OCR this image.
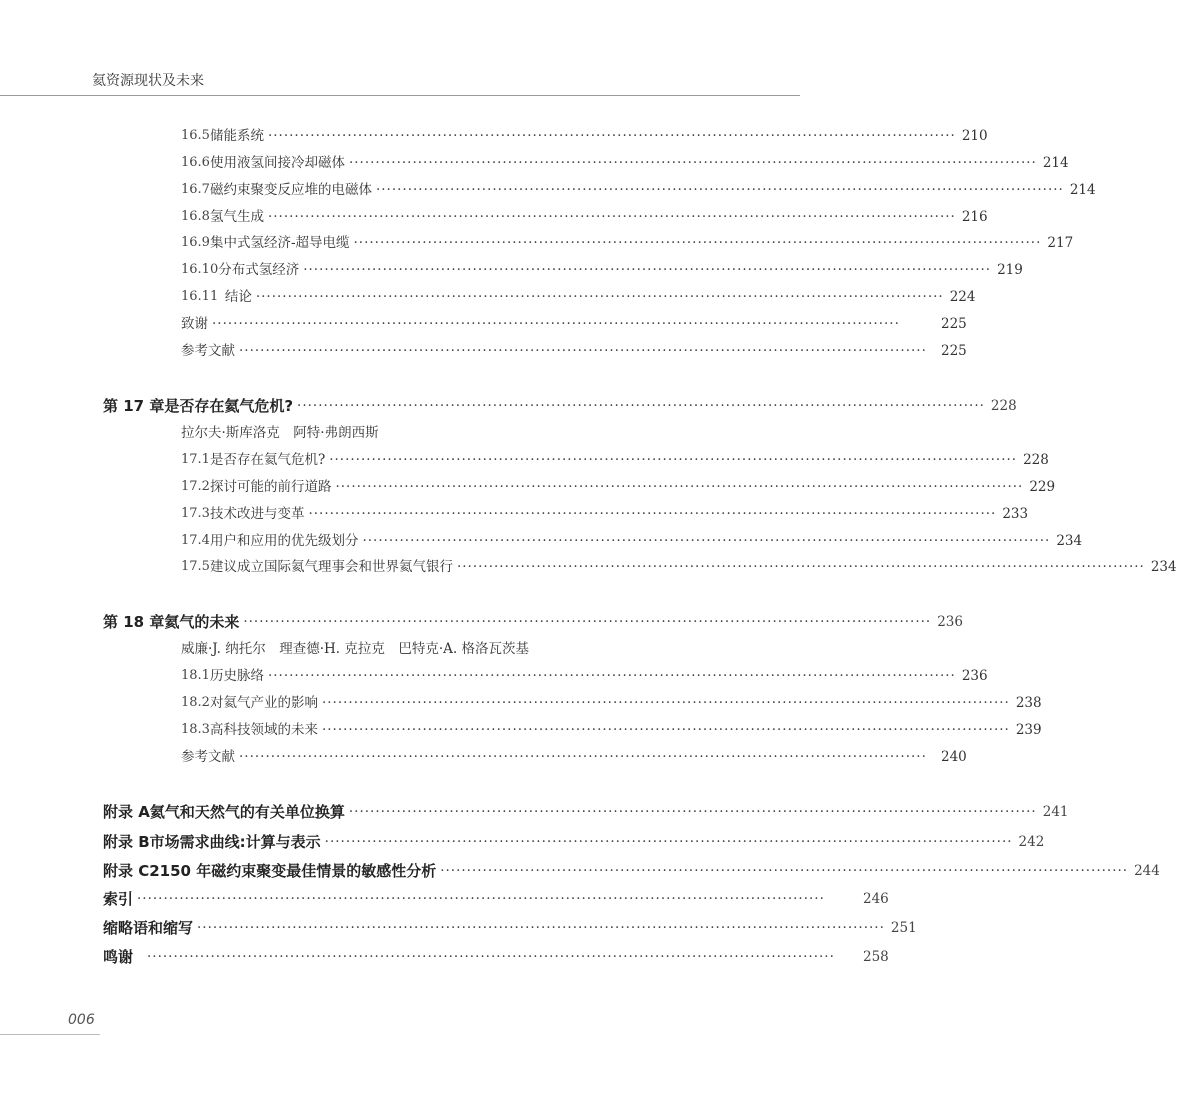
氦资源现状及未来
16.5 储能系统 ·································································································································· 210
16.6 使用液氢间接冷却磁体 ·································································································································· 214
16.7 磁约束聚变反应堆的电磁体 ·································································································································· 214
16.8 氢气生成 ·································································································································· 216
16.9 集中式氢经济-超导电缆 ·································································································································· 217
16.10 分布式氢经济 ·································································································································· 219
16.11 结论 ·································································································································· 224
致谢 ··································································································································	225
参考文献 ··································································································································	225
第 17 章 是否存在氦气危机? ·································································································································· 228
拉尔夫·斯库洛克　阿特·弗朗西斯
17.1 是否存在氦气危机? ·································································································································· 228
17.2 探讨可能的前行道路 ·································································································································· 229
17.3 技术改进与变革 ·································································································································· 233
17.4 用户和应用的优先级划分 ·································································································································· 234
17.5 建议成立国际氦气理事会和世界氦气银行 ·································································································································· 234
第 18 章 氦气的未来 ·································································································································· 236
威廉·J. 纳托尔　理查德·H. 克拉克　巴特克·A. 格洛瓦茨基
18.1 历史脉络 ·································································································································· 236
18.2 对氦气产业的影响 ·································································································································· 238
18.3 高科技领域的未来 ·································································································································· 239
参考文献 ··································································································································	240
附录 A 氦气和天然气的有关单位换算 ·································································································································· 241
附录 B 市场需求曲线:计算与表示 ·································································································································· 242
附录 C 2150 年磁约束聚变最佳情景的敏感性分析 ·································································································································· 244
索引 ··································································································································	246
缩略语和缩写 ·································································································································· 251
鸣谢 ··································································································································	258
006
